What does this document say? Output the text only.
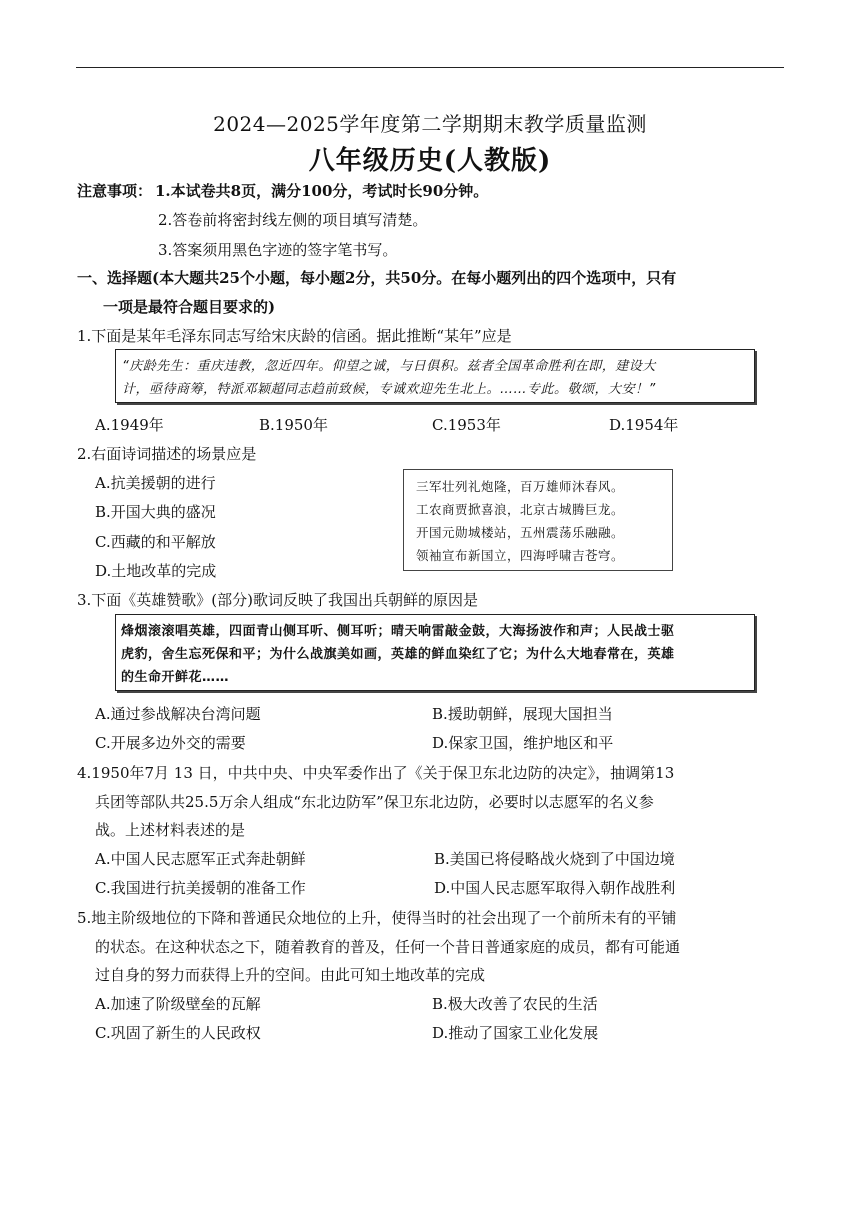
2024—2025学年度第二学期期末教学质量监测
八年级历史(人教版)
注意事项： 1.本试卷共8页，满分100分，考试时长90分钟。
2.答卷前将密封线左侧的项目填写清楚。
3.答案须用黑色字迹的签字笔书写。
一、选择题(本大题共25个小题，每小题2分，共50分。在每小题列出的四个选项中，只有
一项是最符合题目要求的)
1.下面是某年毛泽东同志写给宋庆龄的信函。据此推断“某年”应是
“庆龄先生：重庆违教，忽近四年。仰望之诚，与日俱积。兹者全国革命胜利在即，建设大
计，亟待商筹，特派邓颖超同志趋前致候，专诚欢迎先生北上。……专此。敬颂，大安！”
A.1949年	B.1950年	C.1953年	D.1954年
2.右面诗词描述的场景应是
A.抗美援朝的进行
B.开国大典的盛况
C.西藏的和平解放
D.土地改革的完成
三军壮列礼炮隆，百万雄师沐春风。
工农商贾掀喜浪，北京古城腾巨龙。
开国元勋城楼站，五州震荡乐融融。
领袖宣布新国立，四海呼啸吉苍穹。
3.下面《英雄赞歌》(部分)歌词反映了我国出兵朝鲜的原因是
烽烟滚滚唱英雄，四面青山侧耳听、侧耳听；晴天响雷敲金鼓，大海扬波作和声；人民战士驱
虎豹，舍生忘死保和平；为什么战旗美如画，英雄的鲜血染红了它；为什么大地春常在，英雄
的生命开鲜花……
A.通过参战解决台湾问题	B.援助朝鲜，展现大国担当
C.开展多边外交的需要	D.保家卫国，维护地区和平
4.1950年7月 13 日，中共中央、中央军委作出了《关于保卫东北边防的决定》，抽调第13
兵团等部队共25.5万余人组成“东北边防军”保卫东北边防，必要时以志愿军的名义参
战。上述材料表述的是
A.中国人民志愿军正式奔赴朝鲜	B.美国已将侵略战火烧到了中国边境
C.我国进行抗美援朝的准备工作	D.中国人民志愿军取得入朝作战胜利
5.地主阶级地位的下降和普通民众地位的上升，使得当时的社会出现了一个前所未有的平铺
的状态。在这种状态之下，随着教育的普及，任何一个昔日普通家庭的成员，都有可能通
过自身的努力而获得上升的空间。由此可知土地改革的完成
A.加速了阶级壁垒的瓦解	B.极大改善了农民的生活
C.巩固了新生的人民政权	D.推动了国家工业化发展
